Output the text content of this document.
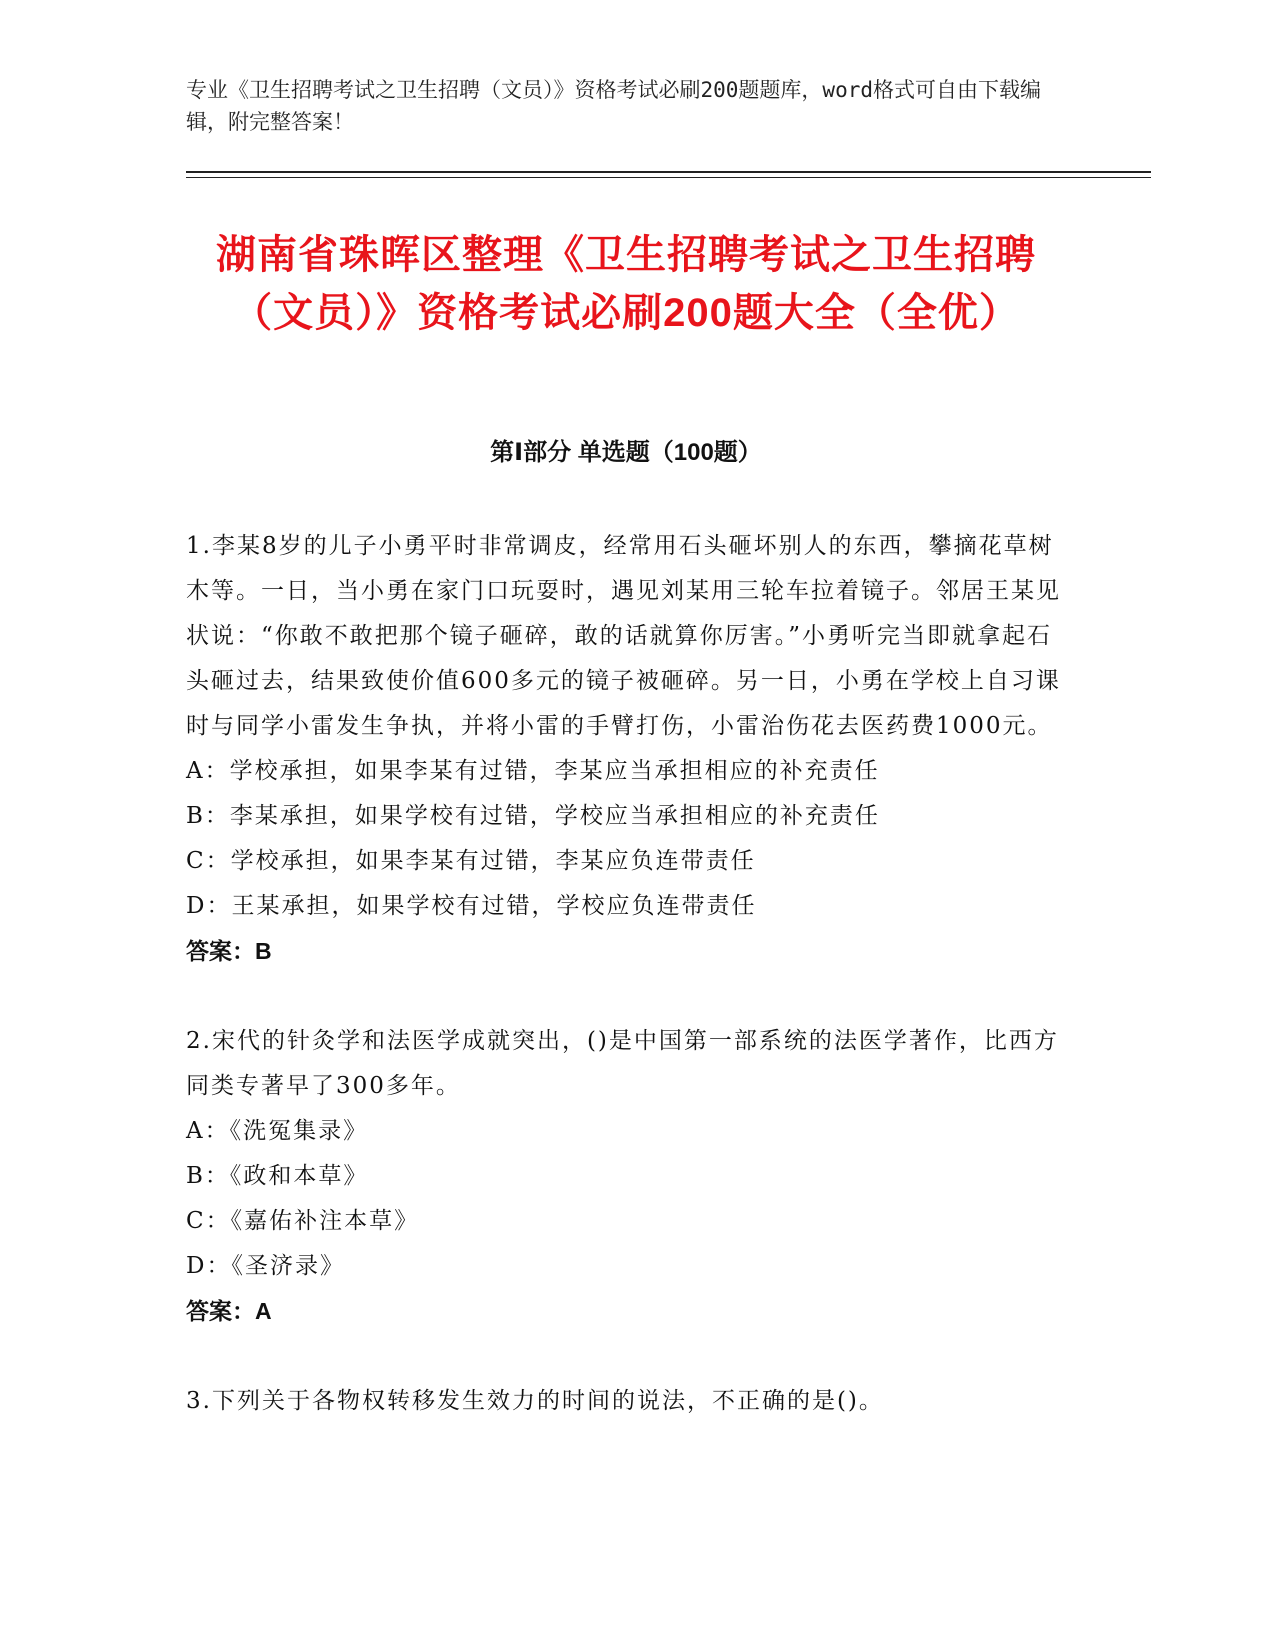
专业《卫生招聘考试之卫生招聘（文员）》资格考试必刷200题题库，word格式可自由下载编辑，附完整答案！
湖南省珠晖区整理《卫生招聘考试之卫生招聘（文员）》资格考试必刷200题大全（全优）
第Ⅰ部分 单选题（100题）
1.李某8岁的儿子小勇平时非常调皮，经常用石头砸坏别人的东西，攀摘花草树木等。一日，当小勇在家门口玩耍时，遇见刘某用三轮车拉着镜子。邻居王某见状说：“你敢不敢把那个镜子砸碎，敢的话就算你厉害。”小勇听完当即就拿起石头砸过去，结果致使价值600多元的镜子被砸碎。另一日，小勇在学校上自习课时与同学小雷发生争执，并将小雷的手臂打伤，小雷治伤花去医药费1000元。
A：学校承担，如果李某有过错，李某应当承担相应的补充责任
B：李某承担，如果学校有过错，学校应当承担相应的补充责任
C：学校承担，如果李某有过错，李某应负连带责任
D：王某承担，如果学校有过错，学校应负连带责任
答案：B
2.宋代的针灸学和法医学成就突出，()是中国第一部系统的法医学著作，比西方同类专著早了300多年。
A：《洗冤集录》
B：《政和本草》
C：《嘉佑补注本草》
D：《圣济录》
答案：A
3.下列关于各物权转移发生效力的时间的说法，不正确的是()。
